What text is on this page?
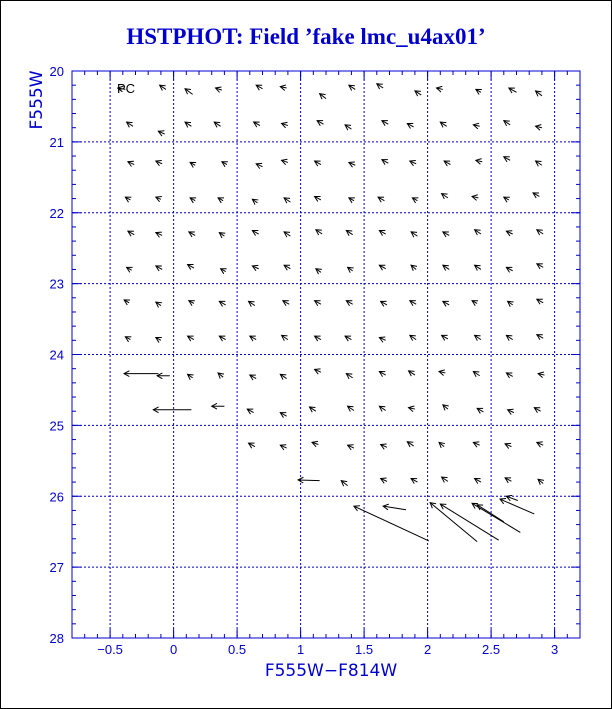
HSTPHOT: Field ’fake lmc_u4ax01’
−0.5	0	0.5	1	1.5	2	2.5	3
20
21
22
23
24
25
26
27
28
PC
F555W−F814W
F555W
